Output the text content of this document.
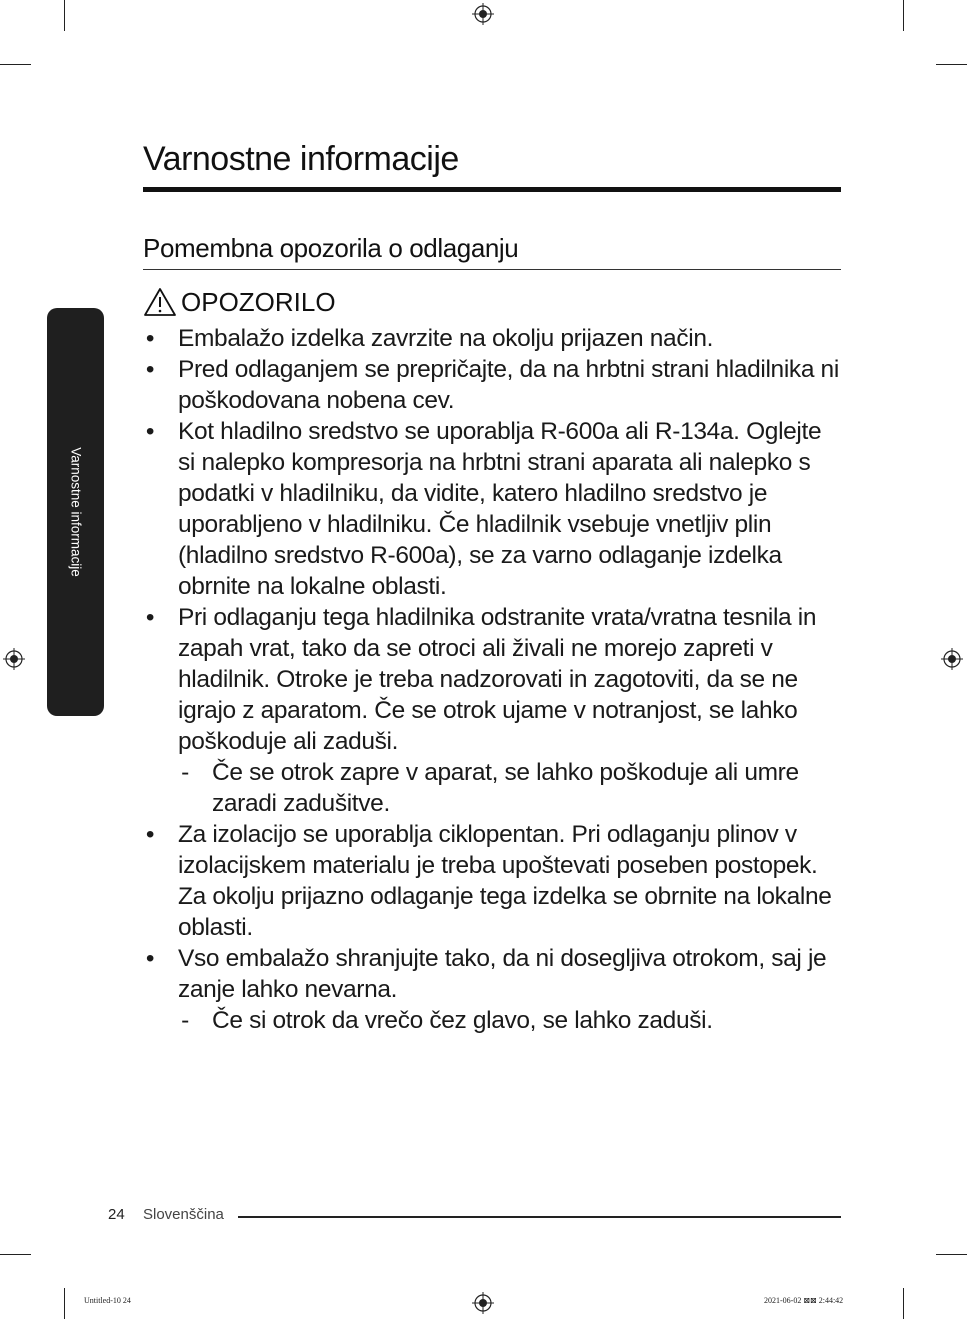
Varnostne informacije
Varnostne informacije
Pomembna opozorila o odlaganju
OPOZORILO
• Embalažo izdelka zavrzite na okolju prijazen način.
• Pred odlaganjem se prepričajte, da na hrbtni strani hladilnika ni poškodovana nobena cev.
• Kot hladilno sredstvo se uporablja R-600a ali R-134a. Oglejte si nalepko kompresorja na hrbtni strani aparata ali nalepko s podatki v hladilniku, da vidite, katero hladilno sredstvo je uporabljeno v hladilniku. Če hladilnik vsebuje vnetljiv plin (hladilno sredstvo R-600a), se za varno odlaganje izdelka obrnite na lokalne oblasti.
• Pri odlaganju tega hladilnika odstranite vrata/vratna tesnila in zapah vrat, tako da se otroci ali živali ne morejo zapreti v hladilnik. Otroke je treba nadzorovati in zagotoviti, da se ne igrajo z aparatom. Če se otrok ujame v notranjost, se lahko poškoduje ali zaduši.
- Če se otrok zapre v aparat, se lahko poškoduje ali umre zaradi zadušitve.
• Za izolacijo se uporablja ciklopentan. Pri odlaganju plinov v izolacijskem materialu je treba upoštevati poseben postopek. Za okolju prijazno odlaganje tega izdelka se obrnite na lokalne oblasti.
• Vso embalažo shranjujte tako, da ni dosegljiva otrokom, saj je zanje lahko nevarna.
- Če si otrok da vrečo čez glavo, se lahko zaduši.
24 Slovenščina
Untitled-10 24	2021-06-02 ⊠⊠ 2:44:42
